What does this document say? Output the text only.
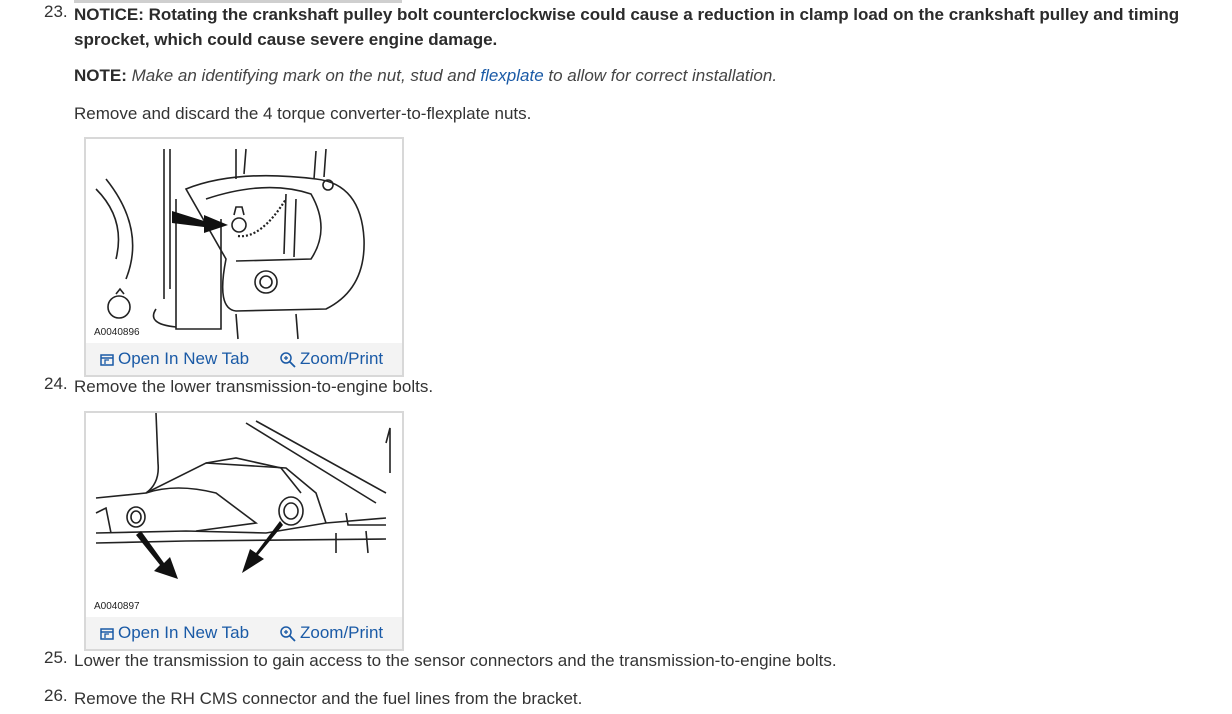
23. NOTICE: Rotating the crankshaft pulley bolt counterclockwise could cause a reduction in clamp load on the crankshaft pulley and timing sprocket, which could cause severe engine damage.
NOTE: Make an identifying mark on the nut, stud and flexplate to allow for correct installation.
Remove and discard the 4 torque converter-to-flexplate nuts.
A0040896
Open In New Tab	Zoom/Print
24. Remove the lower transmission-to-engine bolts.
A0040897
Open In New Tab	Zoom/Print
25. Lower the transmission to gain access to the sensor connectors and the transmission-to-engine bolts.
26. Remove the RH CMS connector and the fuel lines from the bracket.
